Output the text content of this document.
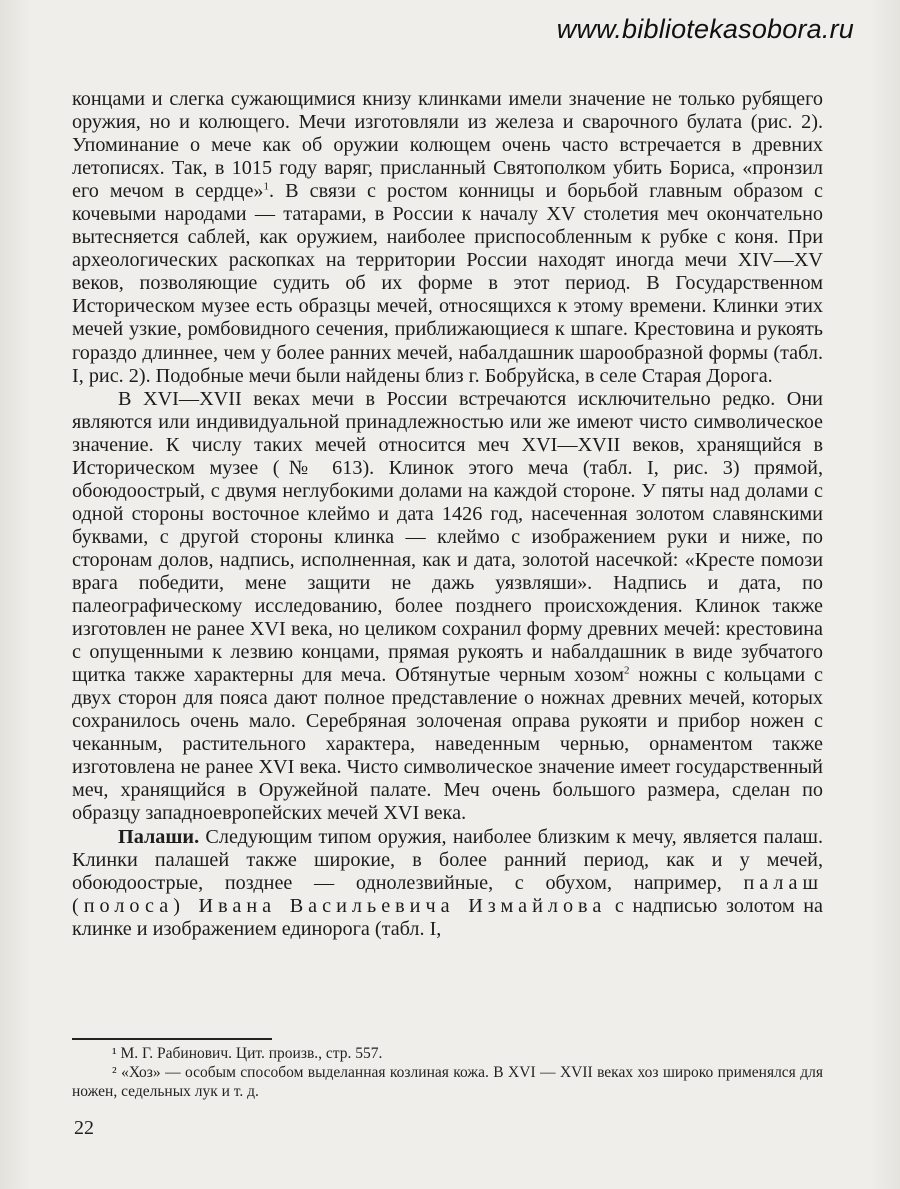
www.bibliotekasobora.ru

концами и слегка сужающимися книзу клинками имели значение не только рубящего оружия, но и колющего. Мечи изготовляли из железа и сварочного булата (рис. 2). Упоминание о мече как об оружии колющем очень часто встречается в древних летописях. Так, в 1015 году варяг, присланный Святополком убить Бориса, «пронзил его мечом в сердце»$^1$. В связи с ростом конницы и борьбой главным образом с кочевыми народами — татарами, в России к началу XV столетия меч окончательно вытесняется саблей, как оружием, наиболее приспособленным к рубке с коня. При археологических раскопках на территории России находят иногда мечи XIV—XV веков, позволяющие судить об их форме в этот период. В Государственном Историческом музее есть образцы мечей, относящихся к этому времени. Клинки этих мечей узкие, ромбовидного сечения, приближающиеся к шпаге. Крестовина и рукоять гораздо длиннее, чем у более ранних мечей, набалдашник шарообразной формы (табл. I, рис. 2). Подобные мечи были найдены близ г. Бобруйска, в селе Старая Дорога.

В XVI—XVII веках мечи в России встречаются исключительно редко. Они являются или индивидуальной принадлежностью или же имеют чисто символическое значение. К числу таких мечей относится меч XVI—XVII веков, хранящийся в Историческом музее (№ 613). Клинок этого меча (табл. I, рис. 3) прямой, обоюдоострый, с двумя неглубокими долами на каждой стороне. У пяты над долами с одной стороны восточное клеймо и дата 1426 год, насеченная золотом славянскими буквами, с другой стороны клинка — клеймо с изображением руки и ниже, по сторонам долов, надпись, исполненная, как и дата, золотой насечкой: «Кресте помози врага победити, мене защити не дажь уязвляши». Надпись и дата, по палеографическому исследованию, более позднего происхождения. Клинок также изготовлен не ранее XVI века, но целиком сохранил форму древних мечей: крестовина с опущенными к лезвию концами, прямая рукоять и набалдашник в виде зубчатого щитка также характерны для меча. Обтянутые черным хозом$^2$ ножны с кольцами с двух сторон для пояса дают полное представление о ножнах древних мечей, которых сохранилось очень мало. Серебряная золоченая оправа рукояти и прибор ножен с чеканным, растительного характера, наведенным чернью, орнаментом также изготовлена не ранее XVI века. Чисто символическое значение имеет государственный меч, хранящийся в Оружейной палате. Меч очень большого размера, сделан по образцу западноевропейских мечей XVI века.

Палаши. Следующим типом оружия, наиболее близким к мечу, является палаш. Клинки палашей также широкие, в более ранний период, как и у мечей, обоюдоострые, позднее — однолезвийные, с обухом, например, палаш (полоса) Ивана Васильевича Измайлова с надписью золотом на клинке и изображением единорога (табл. I,

¹ М. Г. Рабинович. Цит. произв., стр. 557.

² «Хоз» — особым способом выделанная козлиная кожа. В XVI — XVII веках хоз широко применялся для ножен, седельных лук и т. д.

22
